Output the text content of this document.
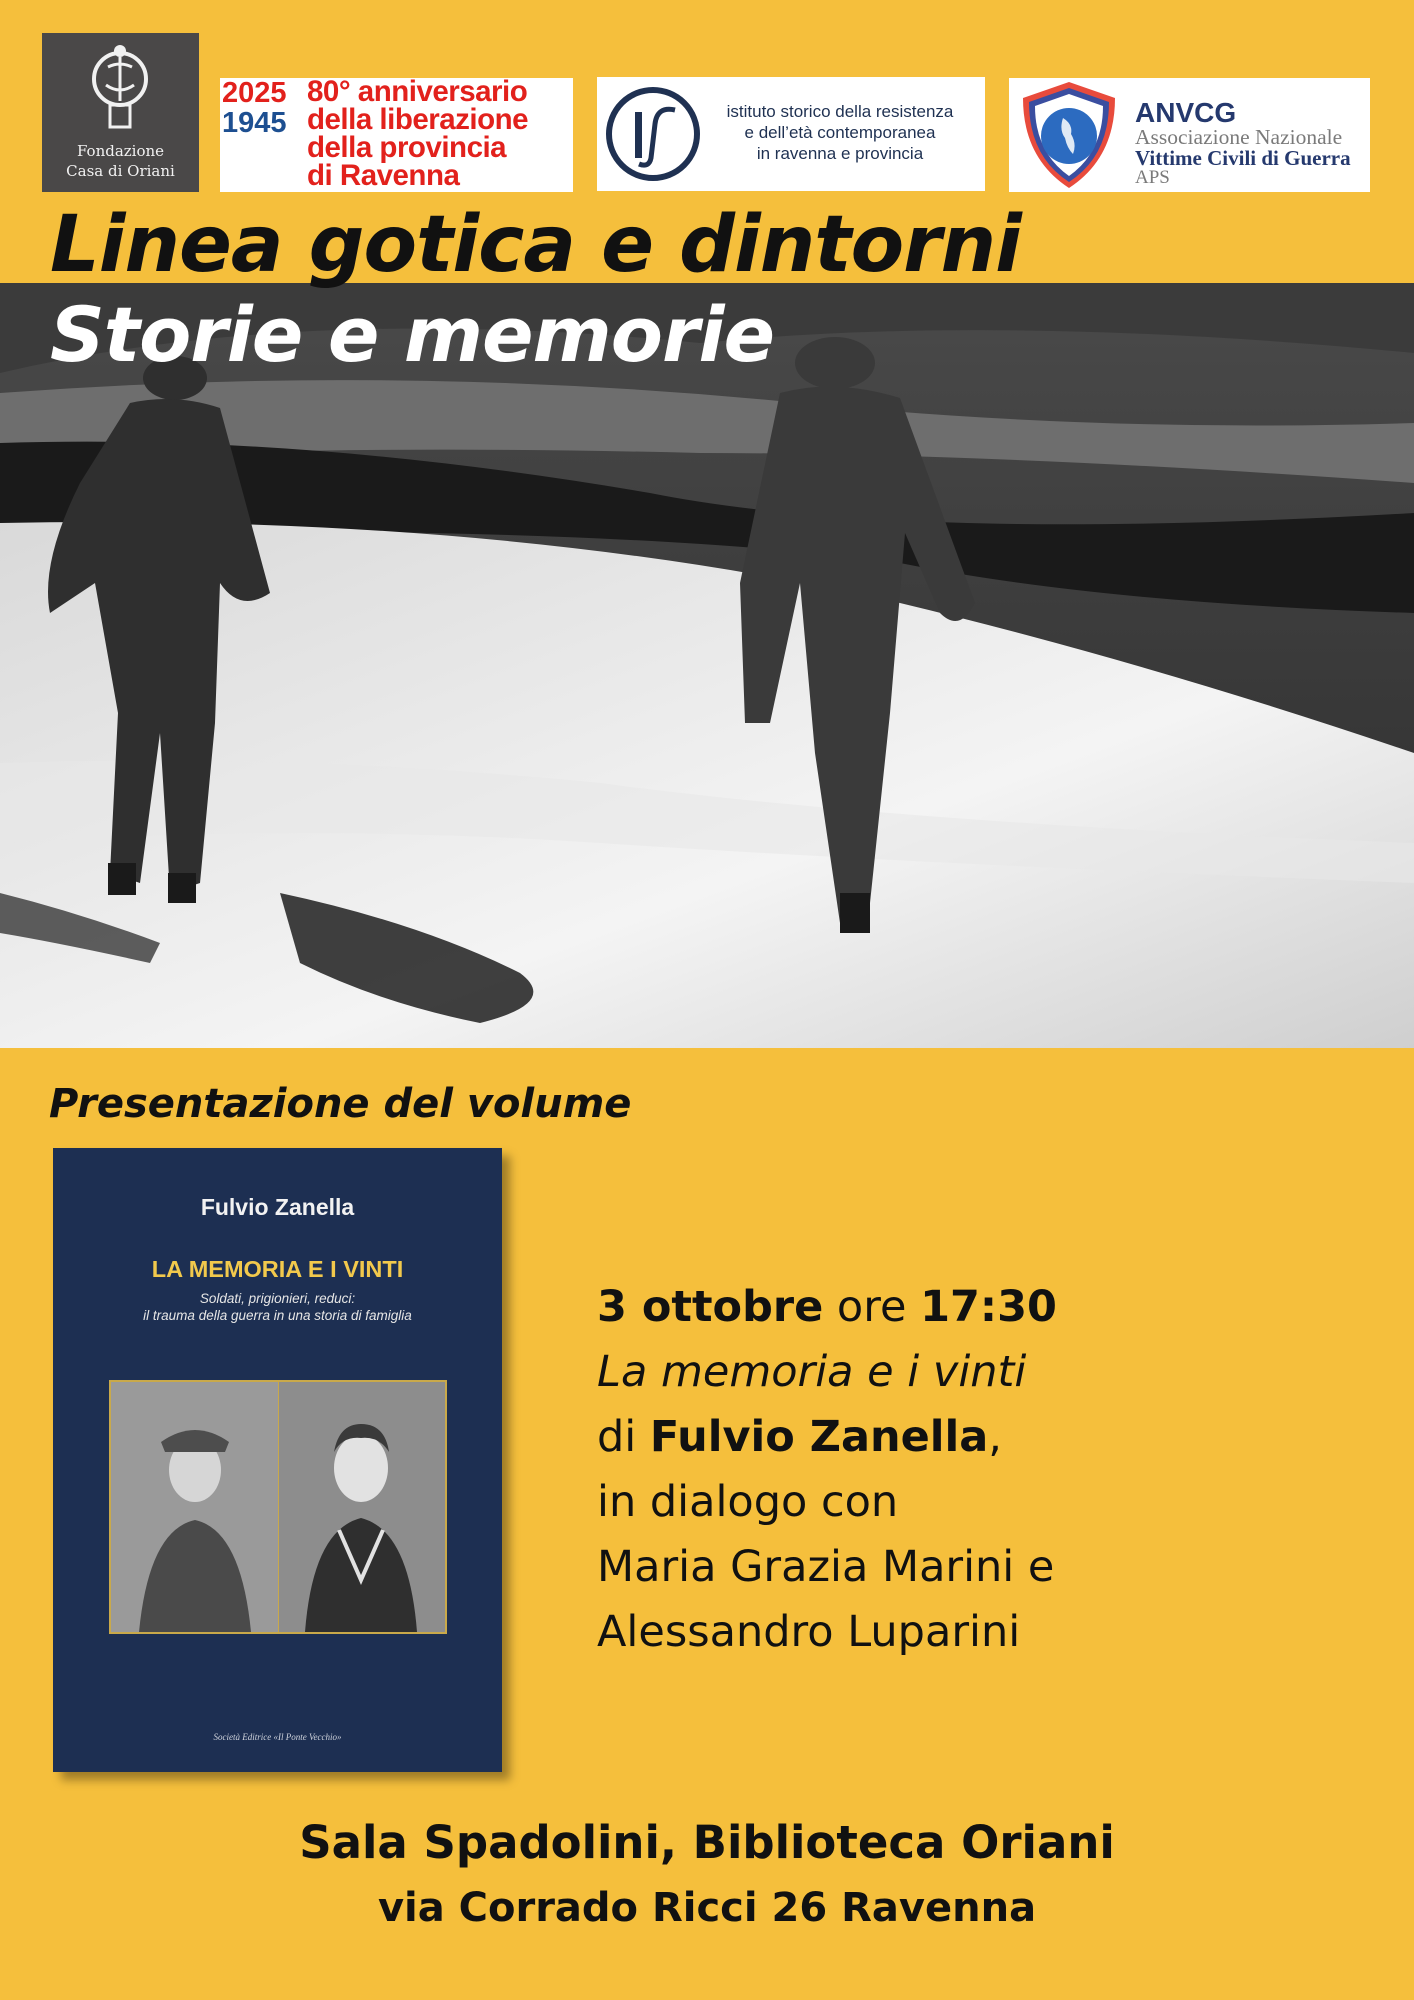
Fondazione
Casa di Oriani
2025
1945
80° anniversario
della liberazione
della provincia
di Ravenna
istituto storico della resistenza
e dell’età contemporanea
in ravenna e provincia
ANVCG
Associazione Nazionale
Vittime Civili di Guerra
APS
Linea gotica e dintorni
Storie e memorie
Presentazione del volume
Fulvio Zanella
LA MEMORIA E I VINTI
Soldati, prigionieri, reduci:
il trauma della guerra in una storia di famiglia
Società Editrice «Il Ponte Vecchio»
3 ottobre ore 17:30
La memoria e i vinti
di Fulvio Zanella,
in dialogo con
Maria Grazia Marini e
Alessandro Luparini
Sala Spadolini, Biblioteca Oriani
via Corrado Ricci 26 Ravenna
